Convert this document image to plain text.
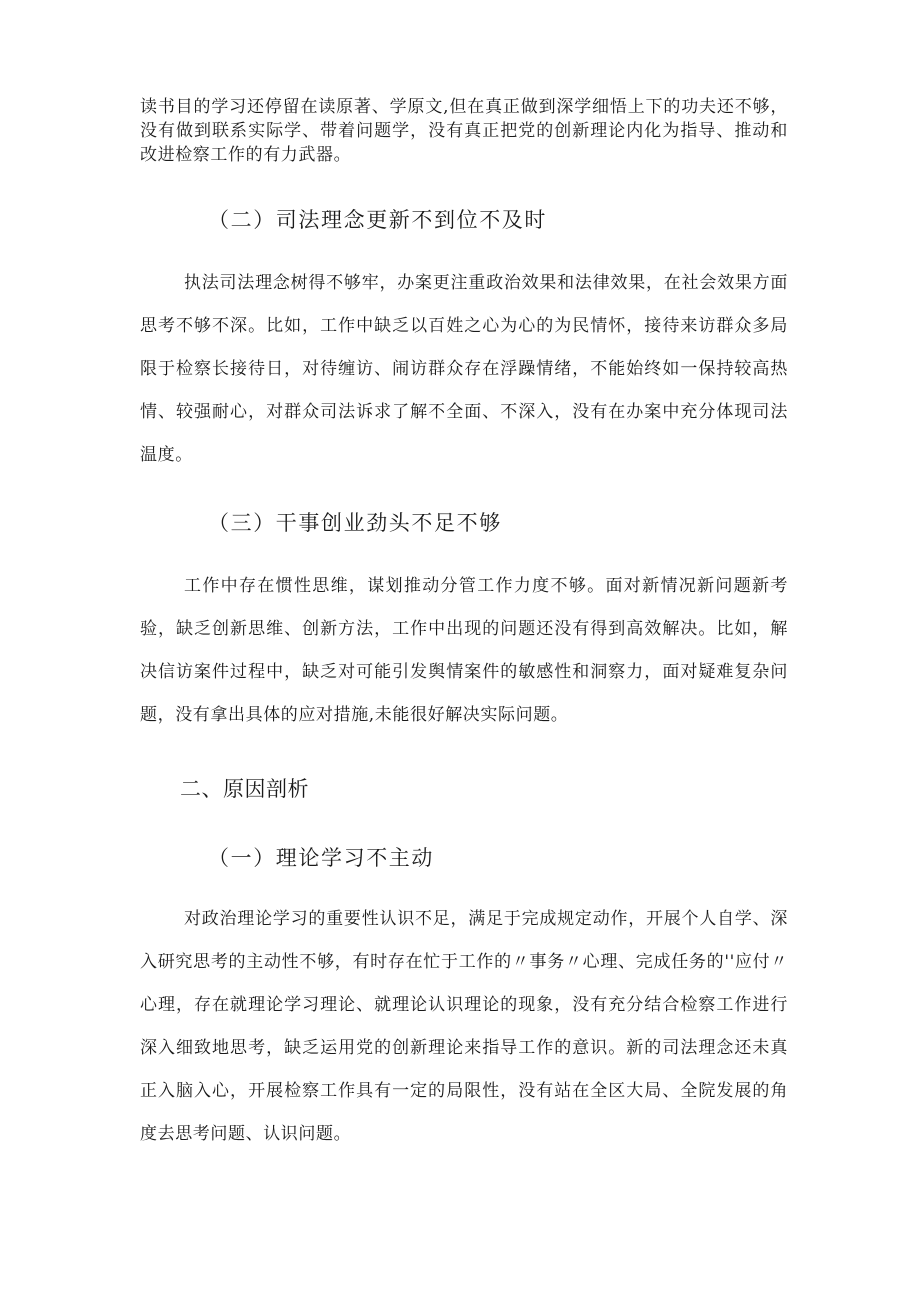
读书目的学习还停留在读原著、学原文,但在真正做到深学细悟上下的功夫还不够，没有做到联系实际学、带着问题学，没有真正把党的创新理论内化为指导、推动和改进检察工作的有力武器。

（二）司法理念更新不到位不及时

执法司法理念树得不够牢，办案更注重政治效果和法律效果，在社会效果方面思考不够不深。比如，工作中缺乏以百姓之心为心的为民情怀，接待来访群众多局限于检察长接待日，对待缠访、闹访群众存在浮躁情绪，不能始终如一保持较高热情、较强耐心，对群众司法诉求了解不全面、不深入，没有在办案中充分体现司法温度。

（三）干事创业劲头不足不够

工作中存在惯性思维，谋划推动分管工作力度不够。面对新情况新问题新考验，缺乏创新思维、创新方法，工作中出现的问题还没有得到高效解决。比如，解决信访案件过程中，缺乏对可能引发舆情案件的敏感性和洞察力，面对疑难复杂问题，没有拿出具体的应对措施,未能很好解决实际问题。

二、原因剖析
（一）理论学习不主动

对政治理论学习的重要性认识不足，满足于完成规定动作，开展个人自学、深入研究思考的主动性不够，有时存在忙于工作的〃事务〃心理、完成任务的''应付〃心理，存在就理论学习理论、就理论认识理论的现象，没有充分结合检察工作进行深入细致地思考，缺乏运用党的创新理论来指导工作的意识。新的司法理念还未真正入脑入心，开展检察工作具有一定的局限性，没有站在全区大局、全院发展的角度去思考问题、认识问题。
